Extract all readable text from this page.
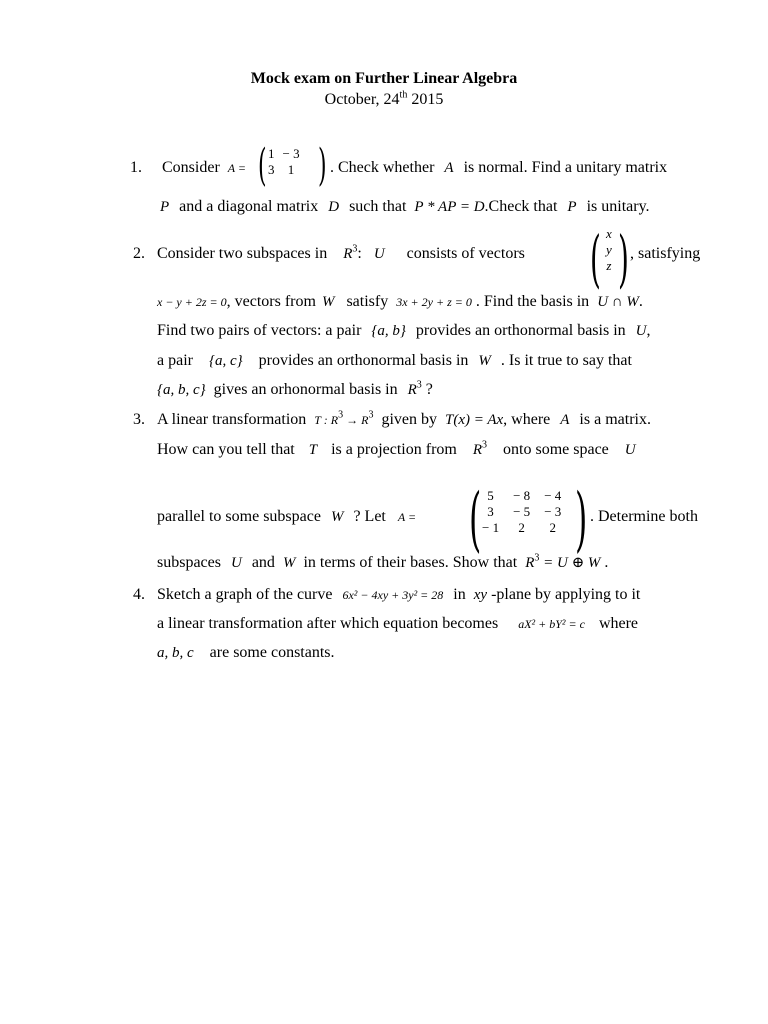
Mock exam on Further Linear Algebra
October, 24th 2015
1. Consider A = ( 1	− 3
3	1 ) . Check whether A is normal. Find a unitary matrix
P and a diagonal matrix D such that P * AP = D.Check that P is unitary.
2. Consider two subspaces in $R^3$: U consists of vectors ( x
y
z ) , satisfying
x − y + 2z = 0, vectors from W satisfy 3x + 2y + z = 0 . Find the basis in U ∩ W.
Find two pairs of vectors: a pair {a, b} provides an orthonormal basis in U,
a pair {a, c} provides an orthonormal basis in W . Is it true to say that
{a, b, c} gives an orhonormal basis in $R^3$ ?
3. A linear transformation T : $R^3 \to R^3$ given by T(x) = Ax, where A is a matrix.
How can you tell that T is a projection from $R^3$ onto some space U
parallel to some subspace W ? Let A = ( 5	− 8	− 4
3	− 5	− 3
− 1	2	2 ) . Determine both
subspaces U and W in terms of their bases. Show that $R^3 = U$ ⊕ W .
4. Sketch a graph of the curve 6x² − 4xy + 3y² = 28 in xy -plane by applying to it
a linear transformation after which equation becomes aX² + bY² = c where
a, b, c are some constants.
